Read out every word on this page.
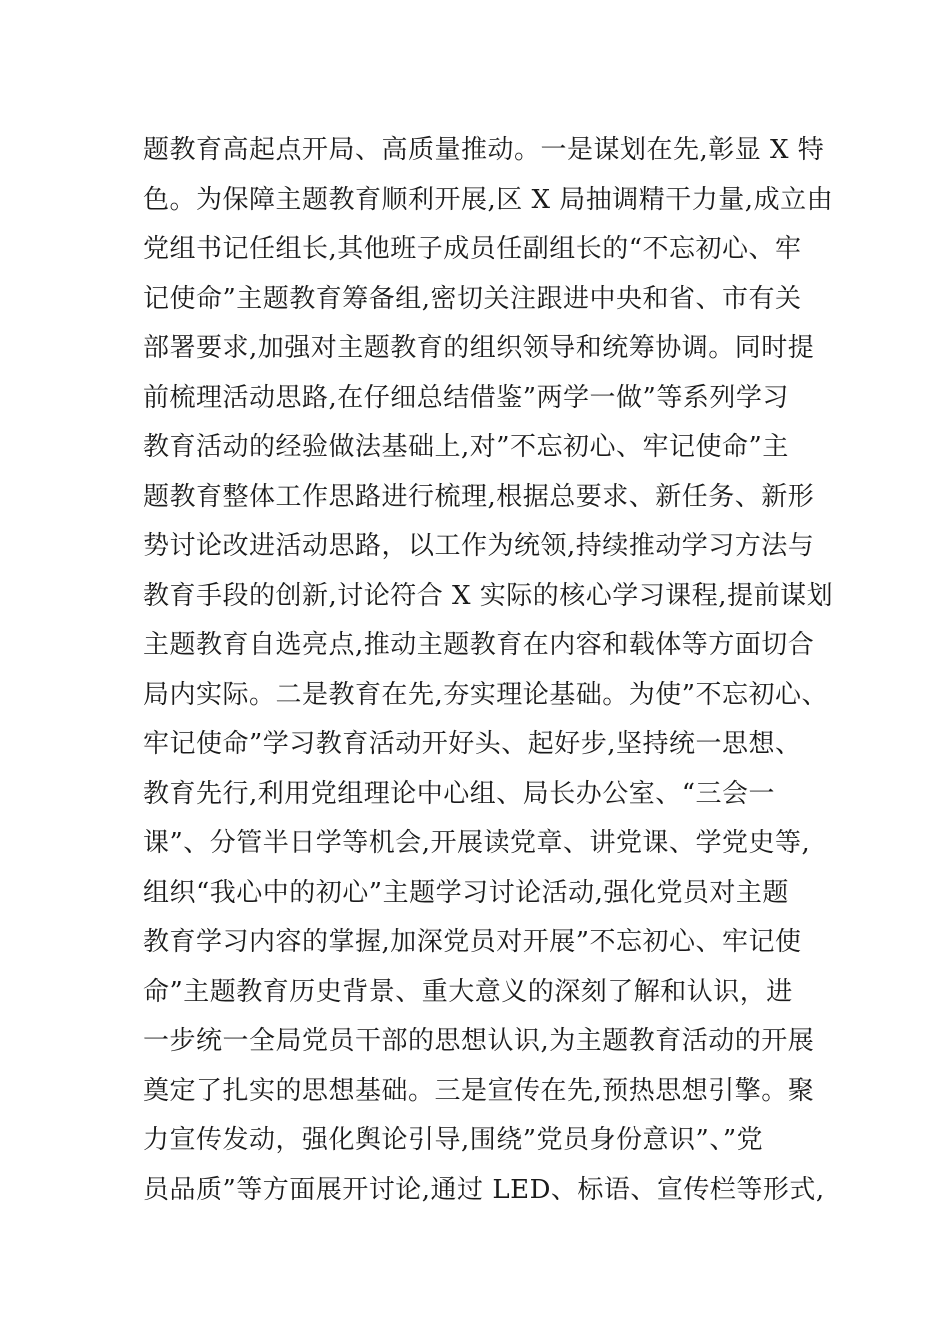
题教育高起点开局、高质量推动。一是谋划在先,彰显 X 特
色。为保障主题教育顺利开展,区 X 局抽调精干力量,成立由
党组书记任组长,其他班子成员任副组长的“不忘初心、牢
记使命”主题教育筹备组,密切关注跟进中央和省、市有关
部署要求,加强对主题教育的组织领导和统筹协调。同时提
前梳理活动思路,在仔细总结借鉴”两学一做”等系列学习
教育活动的经验做法基础上,对”不忘初心、牢记使命”主
题教育整体工作思路进行梳理,根据总要求、新任务、新形
势讨论改进活动思路，以工作为统领,持续推动学习方法与
教育手段的创新,讨论符合 X 实际的核心学习课程,提前谋划
主题教育自选亮点,推动主题教育在内容和载体等方面切合
局内实际。二是教育在先,夯实理论基础。为使”不忘初心、
牢记使命”学习教育活动开好头、起好步,坚持统一思想、
教育先行,利用党组理论中心组、局长办公室、“三会一
课”、分管半日学等机会,开展读党章、讲党课、学党史等,
组织“我心中的初心”主题学习讨论活动,强化党员对主题
教育学习内容的掌握,加深党员对开展”不忘初心、牢记使
命”主题教育历史背景、重大意义的深刻了解和认识，进
一步统一全局党员干部的思想认识,为主题教育活动的开展
奠定了扎实的思想基础。三是宣传在先,预热思想引擎。聚
力宣传发动，强化舆论引导,围绕”党员身份意识”、”党
员品质”等方面展开讨论,通过 LED、标语、宣传栏等形式,
